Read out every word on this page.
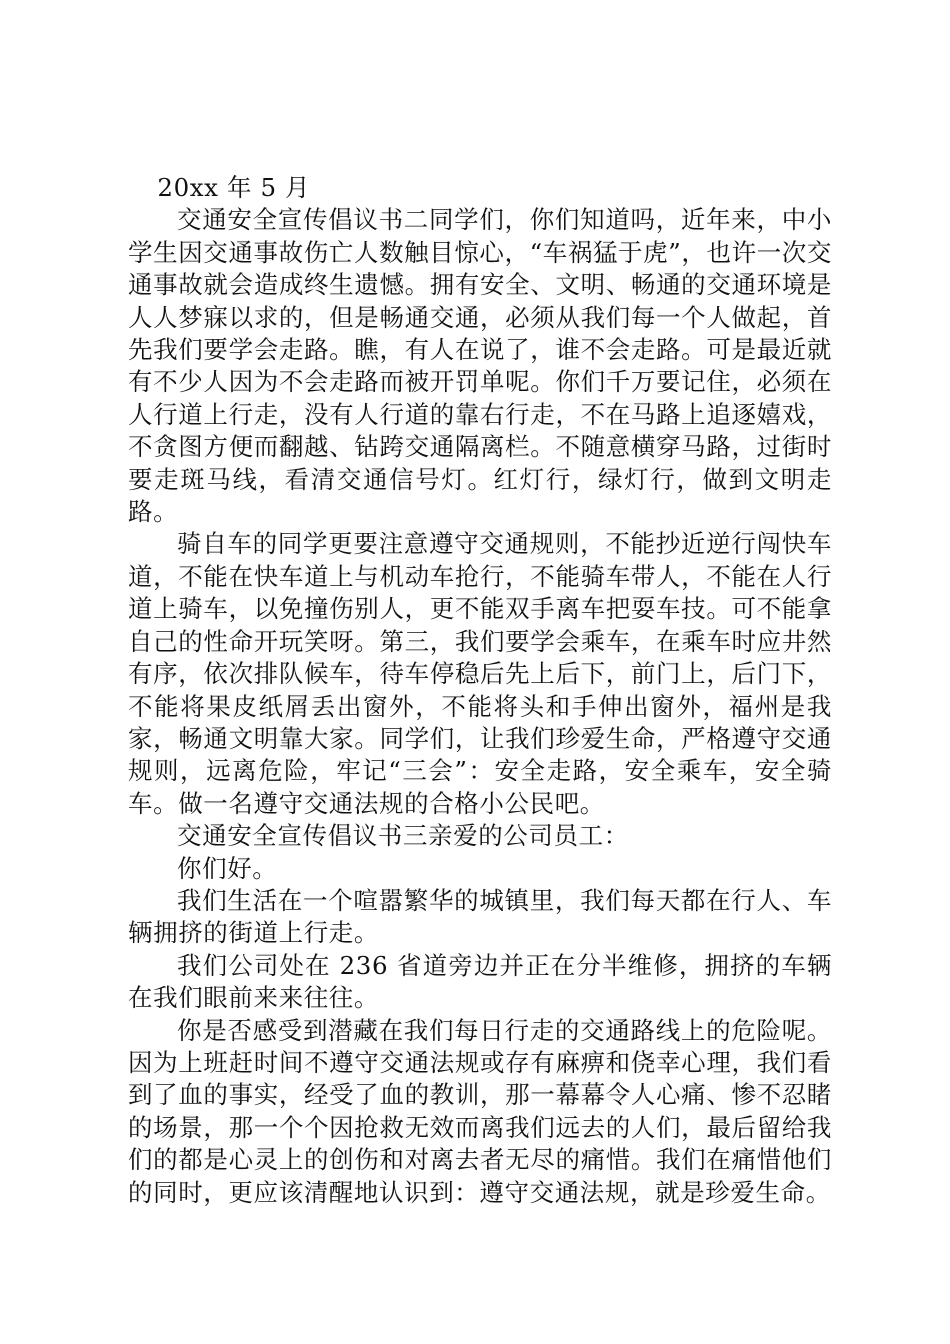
20xx 年 5 月

交通安全宣传倡议书二同学们，你们知道吗，近年来，中小学生因交通事故伤亡人数触目惊心，“车祸猛于虎”，也许一次交通事故就会造成终生遗憾。拥有安全、文明、畅通的交通环境是人人梦寐以求的，但是畅通交通，必须从我们每一个人做起，首先我们要学会走路。瞧，有人在说了，谁不会走路。可是最近就有不少人因为不会走路而被开罚单呢。你们千万要记住，必须在人行道上行走，没有人行道的靠右行走，不在马路上追逐嬉戏，不贪图方便而翻越、钻跨交通隔离栏。不随意横穿马路，过街时要走斑马线，看清交通信号灯。红灯行，绿灯行，做到文明走路。

骑自车的同学更要注意遵守交通规则，不能抄近逆行闯快车道，不能在快车道上与机动车抢行，不能骑车带人，不能在人行道上骑车，以免撞伤别人，更不能双手离车把耍车技。可不能拿自己的性命开玩笑呀。第三，我们要学会乘车，在乘车时应井然有序，依次排队候车，待车停稳后先上后下，前门上，后门下，不能将果皮纸屑丢出窗外，不能将头和手伸出窗外，福州是我家，畅通文明靠大家。同学们，让我们珍爱生命，严格遵守交通规则，远离危险，牢记“三会”：安全走路，安全乘车，安全骑车。做一名遵守交通法规的合格小公民吧。

交通安全宣传倡议书三亲爱的公司员工：

你们好。

我们生活在一个喧嚣繁华的城镇里，我们每天都在行人、车辆拥挤的街道上行走。

我们公司处在 236 省道旁边并正在分半维修，拥挤的车辆在我们眼前来来往往。

你是否感受到潜藏在我们每日行走的交通路线上的危险呢。因为上班赶时间不遵守交通法规或存有麻痹和侥幸心理，我们看到了血的事实，经受了血的教训，那一幕幕令人心痛、惨不忍睹的场景，那一个个因抢救无效而离我们远去的人们，最后留给我们的都是心灵上的创伤和对离去者无尽的痛惜。我们在痛惜他们的同时，更应该清醒地认识到：遵守交通法规，就是珍爱生命。
